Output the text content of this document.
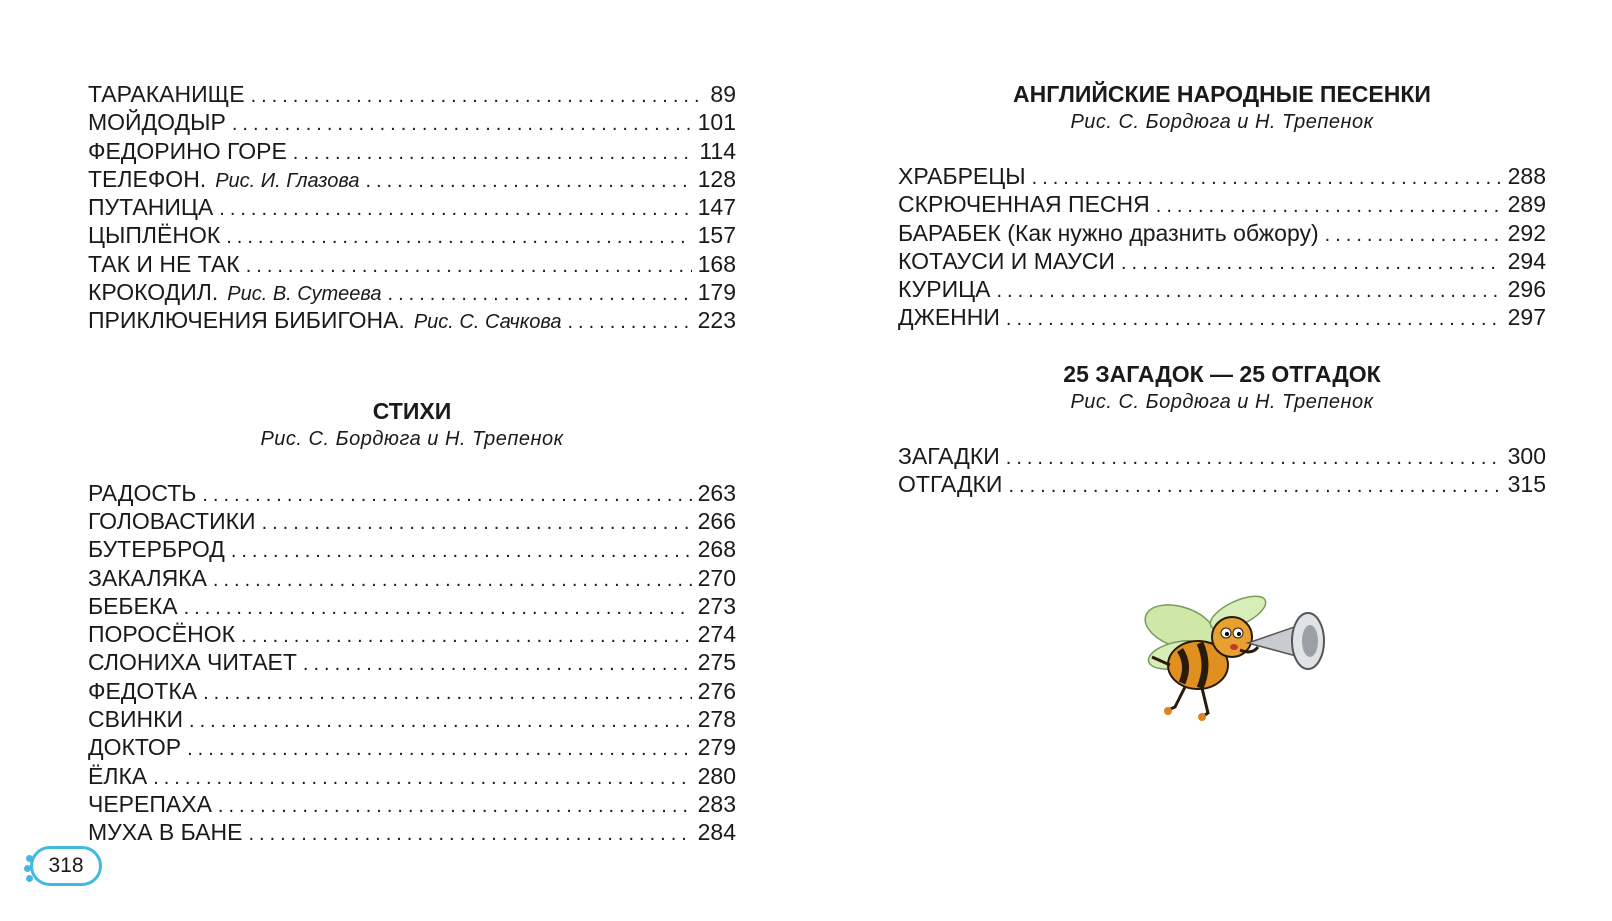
ТАРАКАНИЩЕ .....	89
МОЙДОДЫР .....	101
ФЕДОРИНО ГОРЕ .....	114
ТЕЛЕФОН. Рис. И. Глазова .....	128
ПУТАНИЦА .....	147
ЦЫПЛЁНОК .....	157
ТАК И НЕ ТАК .....	168
КРОКОДИЛ. Рис. В. Сутеева .....	179
ПРИКЛЮЧЕНИЯ БИБИГОНА. Рис. С. Сачкова .....	223
СТИХИ

Рис. С. Бордюга и Н. Трепенок

РАДОСТЬ .....	263
ГОЛОВАСТИКИ .....	266
БУТЕРБРОД .....	268
ЗАКАЛЯКА .....	270
БЕБЕКА .....	273
ПОРОСЁНОК .....	274
СЛОНИХА ЧИТАЕТ .....	275
ФЕДОТКА .....	276
СВИНКИ .....	278
ДОКТОР .....	279
ЁЛКА .....	280
ЧЕРЕПАХА .....	283
МУХА В БАНЕ .....	284
АНГЛИЙСКИЕ НАРОДНЫЕ ПЕСЕНКИ

Рис. С. Бордюга и Н. Трепенок

ХРАБРЕЦЫ .....	288
СКРЮЧЕННАЯ ПЕСНЯ .....	289
БАРАБЕК (Как нужно дразнить обжору) .....	292
КОТАУСИ И МАУСИ .....	294
КУРИЦА .....	296
ДЖЕННИ .....	297
25 ЗАГАДОК — 25 ОТГАДОК

Рис. С. Бордюга и Н. Трепенок

ЗАГАДКИ .....	300
ОТГАДКИ .....	315
318
